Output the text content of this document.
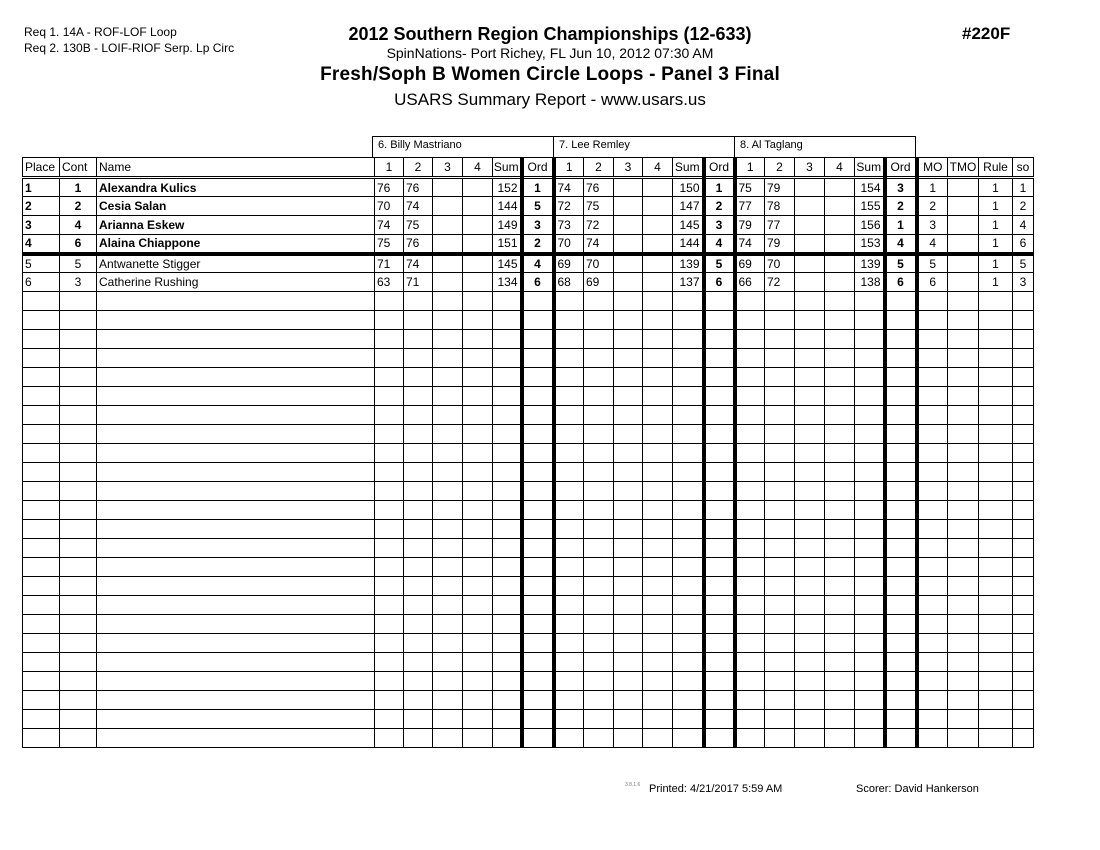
Req 1. 14A - ROF-LOF Loop
Req 2. 130B - LOIF-RIOF Serp. Lp Circ
2012 Southern Region Championships (12-633)
SpinNations- Port Richey, FL Jun 10, 2012 07:30 AM
Fresh/Soph B Women Circle Loops - Panel 3 Final
USARS Summary Report - www.usars.us
#220F
6. Billy Mastriano	7. Lee Remley	8. Al Taglang
Place	Cont	Name	1	2	3	4	Sum	Ord	1	2	3	4	Sum	Ord	1	2	3	4	Sum	Ord	MO	TMO	Rule	so
1	1	Alexandra Kulics	76	76			152	1	74	76			150	1	75	79			154	3	1		1	1
2	2	Cesia Salan	70	74			144	5	72	75			147	2	77	78			155	2	2		1	2
3	4	Arianna Eskew	74	75			149	3	73	72			145	3	79	77			156	1	3		1	4
4	6	Alaina Chiappone	75	76			151	2	70	74			144	4	74	79			153	4	4		1	6
5	5	Antwanette Stigger	71	74			145	4	69	70			139	5	69	70			139	5	5		1	5
6	3	Catherine Rushing	63	71			134	6	68	69			137	6	66	72			138	6	6		1	3

3.8.1.6 Printed: 4/21/2017 5:59 AM	Scorer: David Hankerson
